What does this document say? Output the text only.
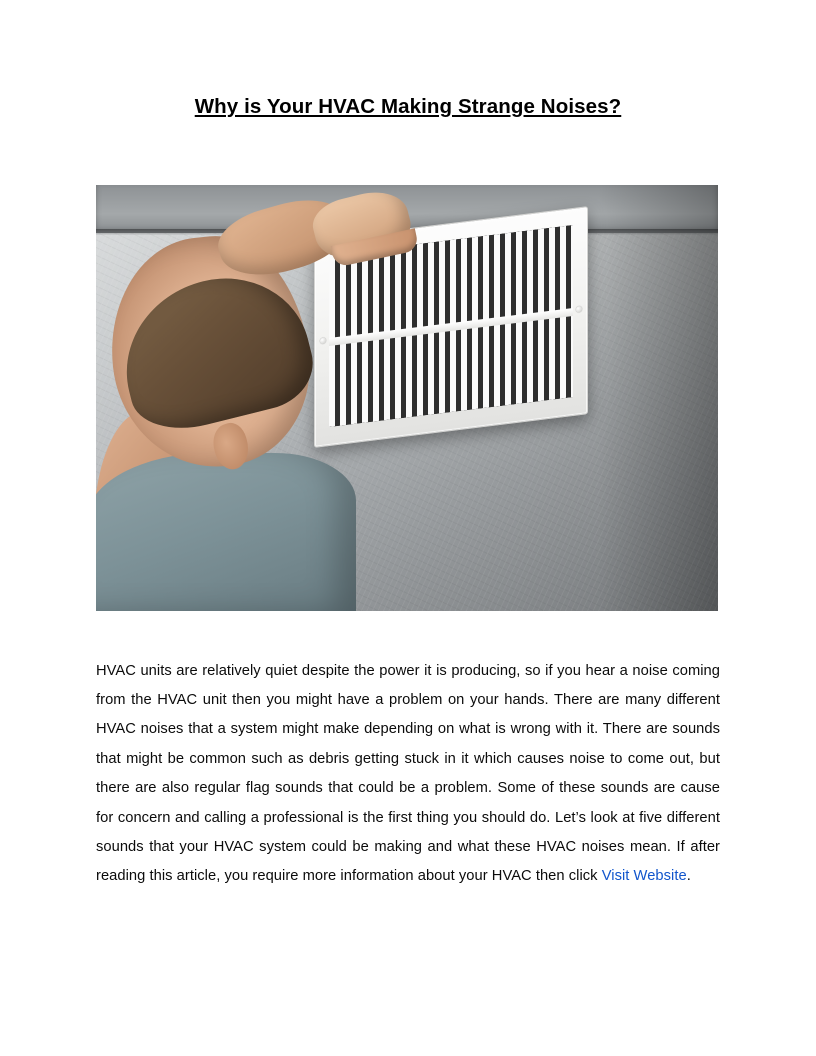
Why is Your HVAC Making Strange Noises?

HVAC units are relatively quiet despite the power it is producing, so if you hear a noise coming from the HVAC unit then you might have a problem on your hands. There are many different HVAC noises that a system might make depending on what is wrong with it. There are sounds that might be common such as debris getting stuck in it which causes noise to come out, but there are also regular flag sounds that could be a problem. Some of these sounds are cause for concern and calling a professional is the first thing you should do. Let’s look at five different sounds that your HVAC system could be making and what these HVAC noises mean. If after reading this article, you require more information about your HVAC then click Visit Website.
